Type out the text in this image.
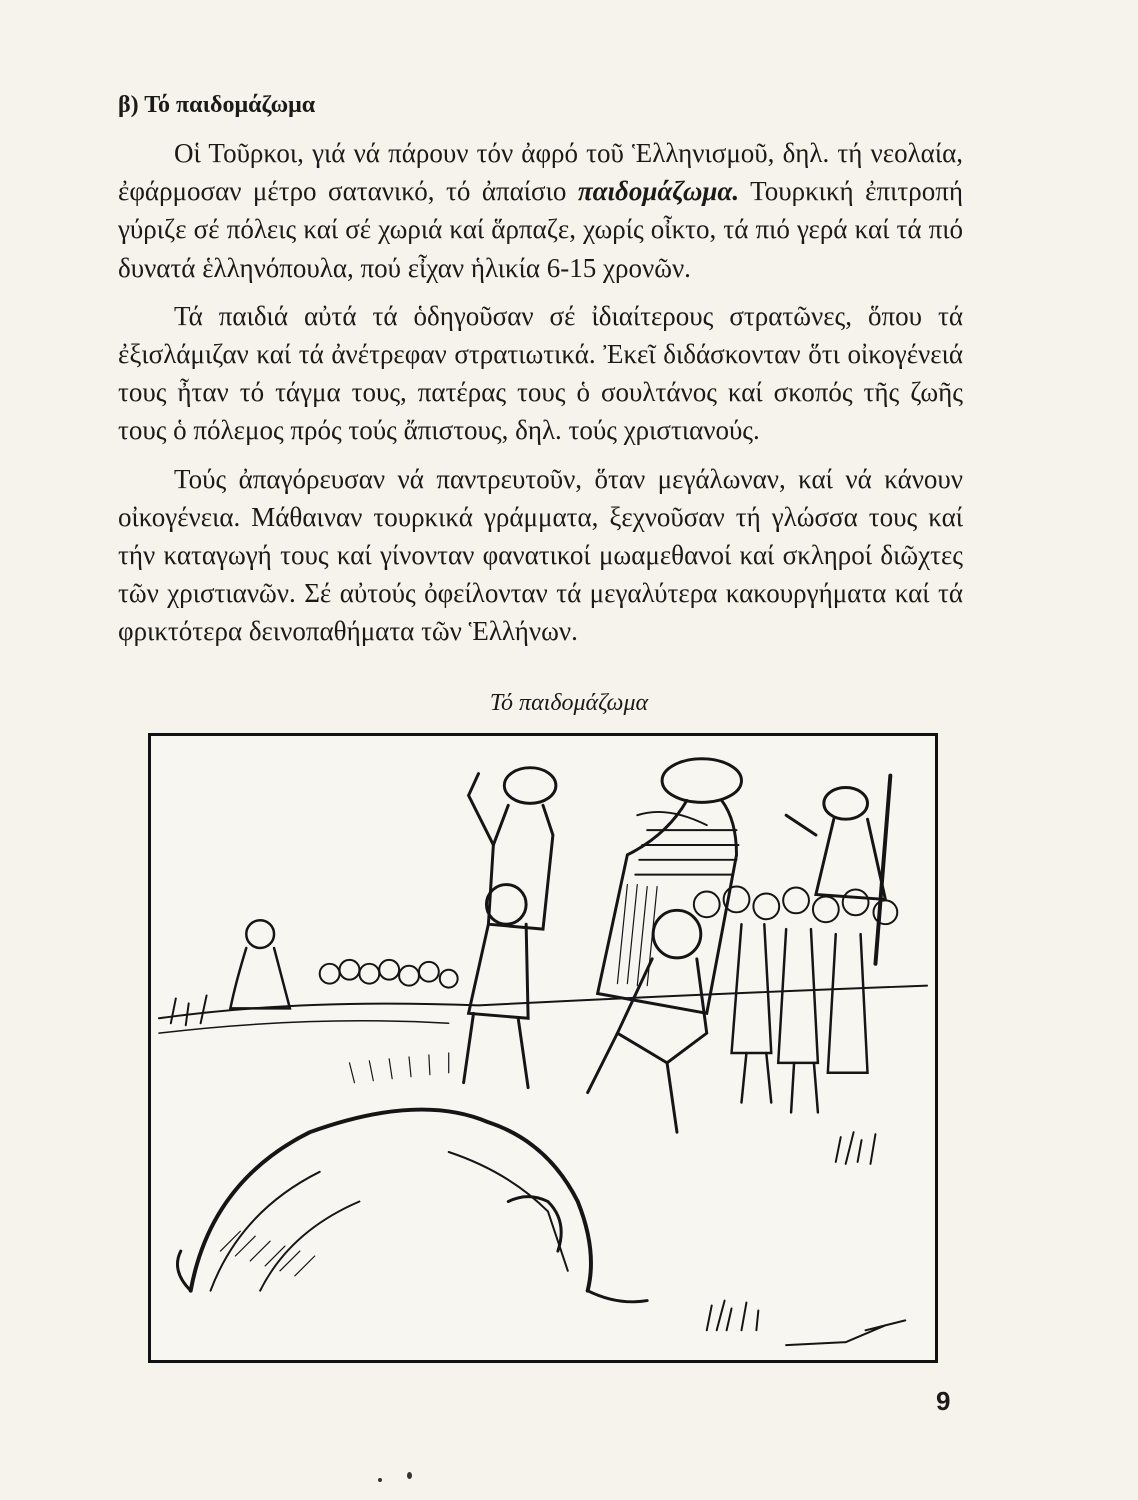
β) Τό παιδομάζωμα

Οἱ Τοῦρκοι, γιά νά πάρουν τόν ἀφρό τοῦ Ἑλληνισμοῦ, δηλ. τή νεολαία, ἐφάρμοσαν μέτρο σατανικό, τό ἀπαίσιο παιδομάζωμα. Τουρκική ἐπιτροπή γύριζε σέ πόλεις καί σέ χωριά καί ἅρπαζε, χωρίς οἶκτο, τά πιό γερά καί τά πιό δυνατά ἑλληνόπουλα, πού εἶχαν ἡλικία 6-15 χρονῶν.

Τά παιδιά αὐτά τά ὁδηγοῦσαν σέ ἰδιαίτερους στρατῶνες, ὅπου τά ἐξισλάμιζαν καί τά ἀνέτρεφαν στρατιωτικά. Ἐκεῖ διδάσκονταν ὅτι οἰκογένειά τους ἦταν τό τάγμα τους, πατέρας τους ὁ σουλτάνος καί σκοπός τῆς ζωῆς τους ὁ πόλεμος πρός τούς ἄπιστους, δηλ. τούς χριστιανούς.

Τούς ἀπαγόρευσαν νά παντρευτοῦν, ὅταν μεγάλωναν, καί νά κάνουν οἰκογένεια. Μάθαιναν τουρκικά γράμματα, ξεχνοῦσαν τή γλώσσα τους καί τήν καταγωγή τους καί γίνονταν φανατικοί μωαμεθανοί καί σκληροί διῶχτες τῶν χριστιανῶν. Σέ αὐτούς ὀφείλονταν τά μεγαλύτερα κακουργήματα καί τά φρικτότερα δεινοπαθήματα τῶν Ἑλλήνων.

Τό παιδομάζωμα
9
